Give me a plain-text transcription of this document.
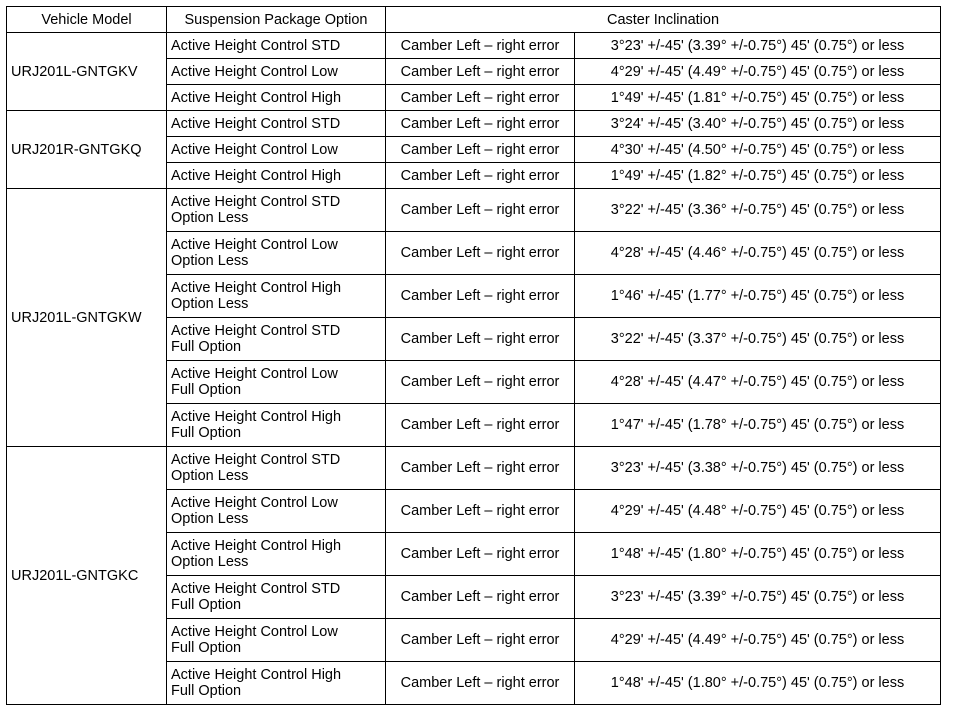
Vehicle Model	Suspension Package Option	Caster Inclination	
URJ201L-GNTGKV	Active Height Control STD	Camber Left – right error	3°23' +/-45' (3.39° +/-0.75°) 45' (0.75°) or less

	Active Height Control Low	Camber Left – right error	4°29' +/-45' (4.49° +/-0.75°) 45' (0.75°) or less

	Active Height Control High	Camber Left – right error	1°49' +/-45' (1.81° +/-0.75°) 45' (0.75°) or less
URJ201R-GNTGKQ	Active Height Control STD	Camber Left – right error	3°24' +/-45' (3.40° +/-0.75°) 45' (0.75°) or less

	Active Height Control Low	Camber Left – right error	4°30' +/-45' (4.50° +/-0.75°) 45' (0.75°) or less

	Active Height Control High	Camber Left – right error	1°49' +/-45' (1.82° +/-0.75°) 45' (0.75°) or less
URJ201L-GNTGKW	Active Height Control STD
Option Less	Camber Left – right error	3°22' +/-45' (3.36° +/-0.75°) 45' (0.75°) or less

	Active Height Control Low
Option Less	Camber Left – right error	4°28' +/-45' (4.46° +/-0.75°) 45' (0.75°) or less

	Active Height Control High
Option Less	Camber Left – right error	1°46' +/-45' (1.77° +/-0.75°) 45' (0.75°) or less

	Active Height Control STD
Full Option	Camber Left – right error	3°22' +/-45' (3.37° +/-0.75°) 45' (0.75°) or less

	Active Height Control Low
Full Option	Camber Left – right error	4°28' +/-45' (4.47° +/-0.75°) 45' (0.75°) or less

	Active Height Control High
Full Option	Camber Left – right error	1°47' +/-45' (1.78° +/-0.75°) 45' (0.75°) or less
URJ201L-GNTGKC	Active Height Control STD
Option Less	Camber Left – right error	3°23' +/-45' (3.38° +/-0.75°) 45' (0.75°) or less

	Active Height Control Low
Option Less	Camber Left – right error	4°29' +/-45' (4.48° +/-0.75°) 45' (0.75°) or less

	Active Height Control High
Option Less	Camber Left – right error	1°48' +/-45' (1.80° +/-0.75°) 45' (0.75°) or less

	Active Height Control STD
Full Option	Camber Left – right error	3°23' +/-45' (3.39° +/-0.75°) 45' (0.75°) or less

	Active Height Control Low
Full Option	Camber Left – right error	4°29' +/-45' (4.49° +/-0.75°) 45' (0.75°) or less

	Active Height Control High
Full Option	Camber Left – right error	1°48' +/-45' (1.80° +/-0.75°) 45' (0.75°) or less
